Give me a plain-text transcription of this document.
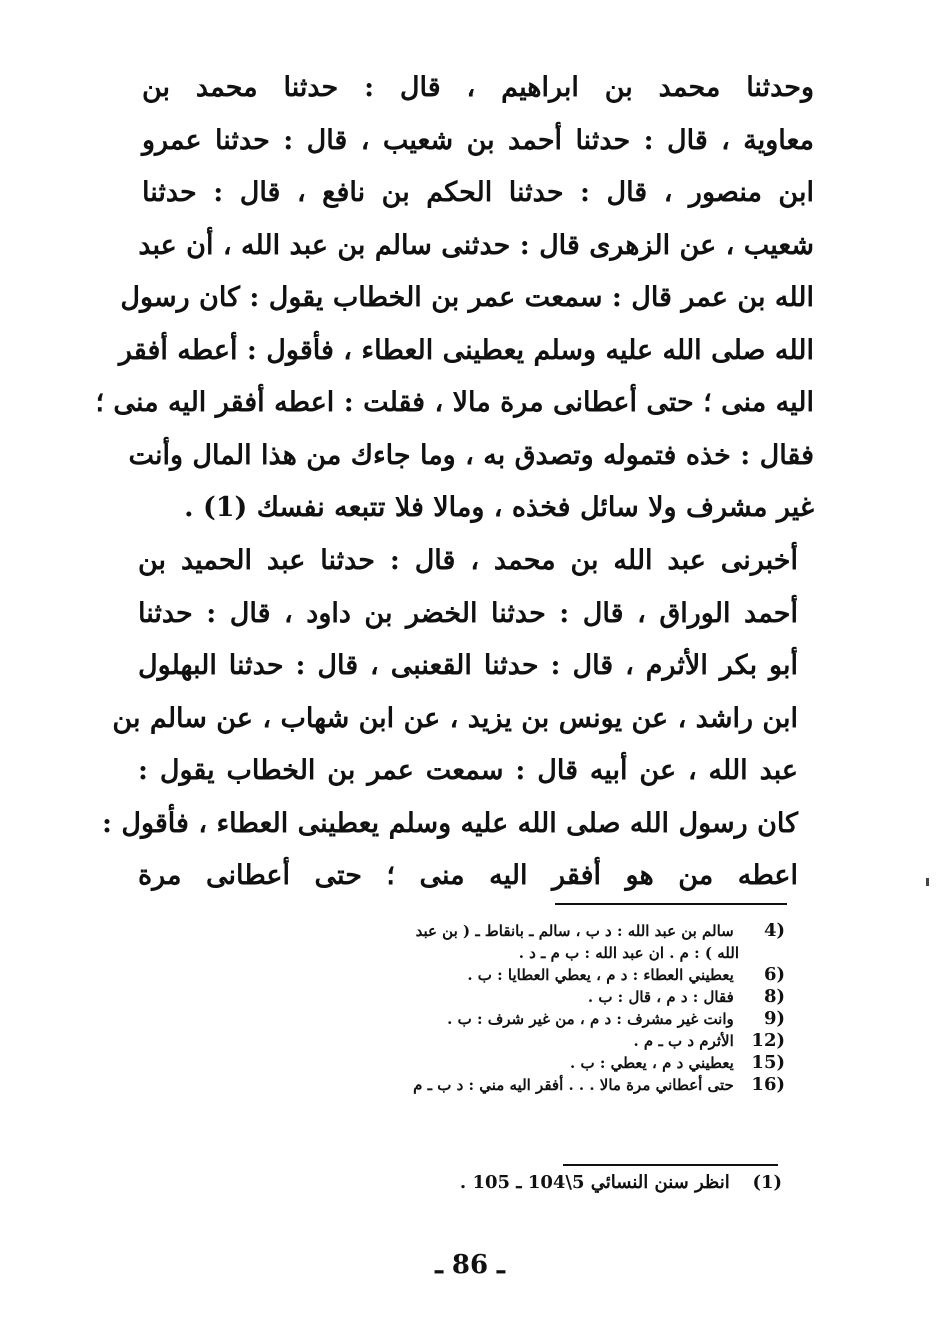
وحدثنا محمد بن ابراهيم ، قال : حدثنا محمد بن
معاوية ، قال : حدثنا أحمد بن شعيب ، قال : حدثنا عمرو
ابن منصور ، قال : حدثنا الحكم بن نافع ، قال : حدثنا
شعيب ، عن الزهرى قال : حدثنى سالم بن عبد الله ، أن عبد
الله بن عمر قال : سمعت عمر بن الخطاب يقول : كان رسول
الله صلى الله عليه وسلم يعطينى العطاء ، فأقول : أعطه أفقر
اليه منى ؛ حتى أعطانى مرة مالا ، فقلت : اعطه أفقر اليه منى ؛
فقال : خذه فتموله وتصدق به ، وما جاءك من هذا المال وأنت
غير مشرف ولا سائل فخذه ، ومالا فلا تتبعه نفسك (1) .
أخبرنى عبد الله بن محمد ، قال : حدثنا عبد الحميد بن
أحمد الوراق ، قال : حدثنا الخضر بن داود ، قال : حدثنا
أبو بكر الأثرم ، قال : حدثنا القعنبى ، قال : حدثنا البهلول
ابن راشد ، عن يونس بن يزيد ، عن ابن شهاب ، عن سالم بن
عبد الله ، عن أبيه قال : سمعت عمر بن الخطاب يقول :
كان رسول الله صلى الله عليه وسلم يعطينى العطاء ، فأقول :
اعطه من هو أفقر اليه منى ؛ حتى أعطانى مرة
4) سالم بن عبد الله : د ب ، سالم ـ بانقاط ـ ( بن عبد
الله ) : م . ان عبد الله : ب م ـ د .
6) يعطيني العطاء : د م ، يعطي العطايا : ب .
8) فقال : د م ، قال : ب .
9) وانت غير مشرف : د م ، من غير شرف : ب .
12) الأثرم د ب ـ م .
15) يعطيني د م ، يعطي : ب .
16) حتى أعطاني مرة مالا . . . أفقر اليه مني : د ب ـ م
(1) انظر سنن النسائي 5\104 ـ 105 .
ـ 86 ـ
